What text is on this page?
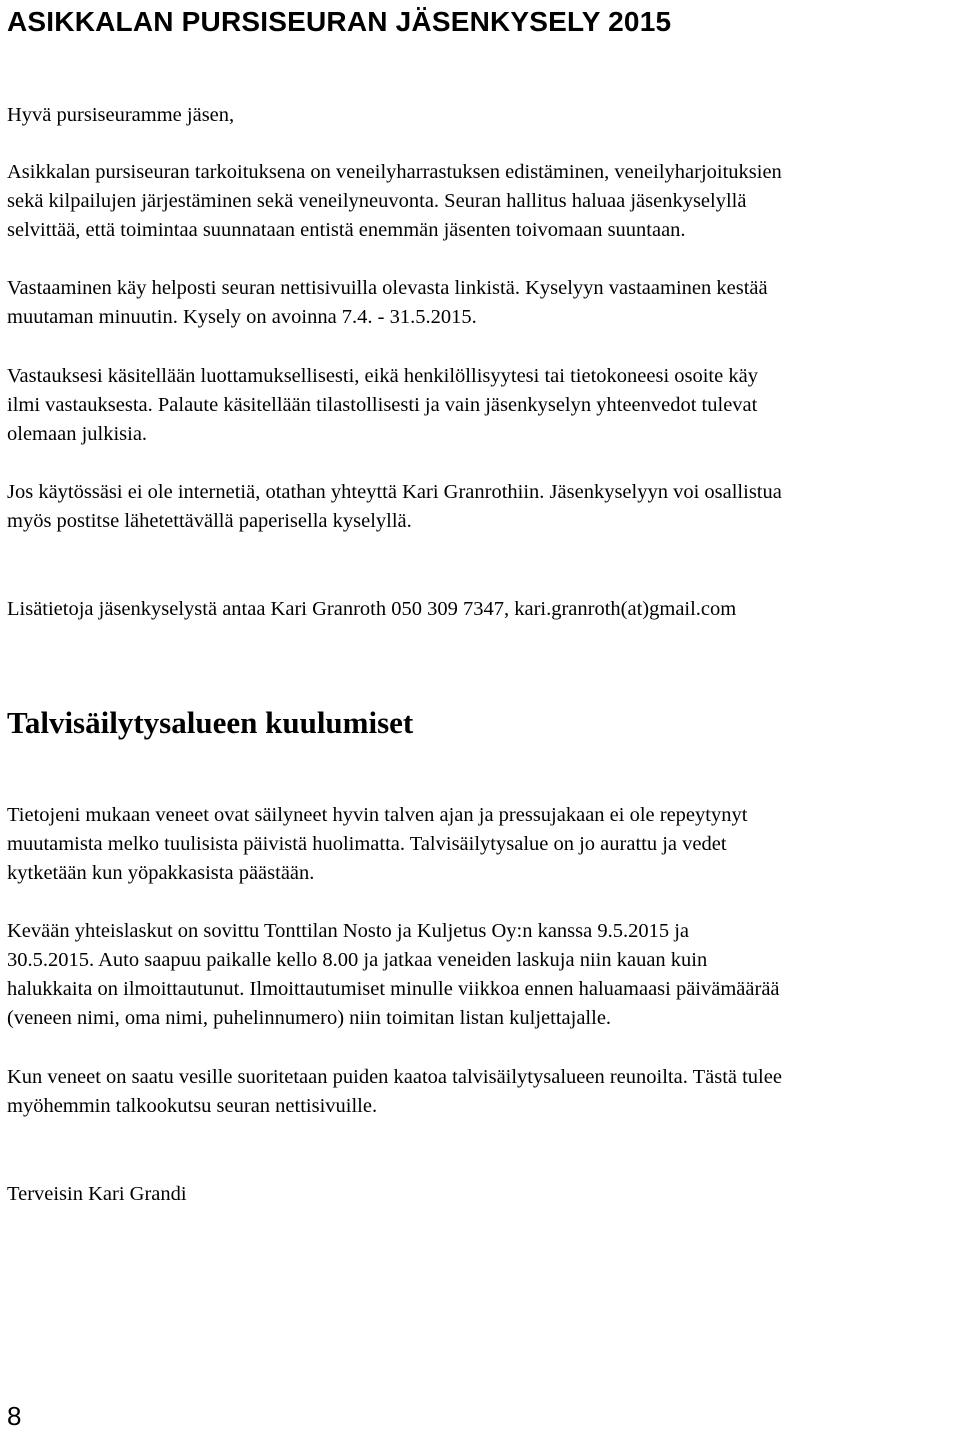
ASIKKALAN PURSISEURAN JÄSENKYSELY 2015

Hyvä pursiseuramme jäsen,

Asikkalan pursiseuran tarkoituksena on veneilyharrastuksen edistäminen, veneilyharjoituksien
sekä kilpailujen järjestäminen sekä veneilyneuvonta. Seuran hallitus haluaa jäsenkyselyllä
selvittää, että toimintaa suunnataan entistä enemmän jäsenten toivomaan suuntaan.

Vastaaminen käy helposti seuran nettisivuilla olevasta linkistä. Kyselyyn vastaaminen kestää
muutaman minuutin. Kysely on avoinna 7.4. - 31.5.2015.

Vastauksesi käsitellään luottamuksellisesti, eikä henkilöllisyytesi tai tietokoneesi osoite käy
ilmi vastauksesta. Palaute käsitellään tilastollisesti ja vain jäsenkyselyn yhteenvedot tulevat
olemaan julkisia.

Jos käytössäsi ei ole internetiä, otathan yhteyttä Kari Granrothiin. Jäsenkyselyyn voi osallistua
myös postitse lähetettävällä paperisella kyselyllä.

Lisätietoja jäsenkyselystä antaa Kari Granroth 050 309 7347, kari.granroth(at)gmail.com

Talvisäilytysalueen kuulumiset

Tietojeni mukaan veneet ovat säilyneet hyvin talven ajan ja pressujakaan ei ole repeytynyt
muutamista melko tuulisista päivistä huolimatta. Talvisäilytysalue on jo aurattu ja vedet
kytketään kun yöpakkasista päästään.

Kevään yhteislaskut on sovittu Tonttilan Nosto ja Kuljetus Oy:n kanssa 9.5.2015 ja
30.5.2015. Auto saapuu paikalle kello 8.00 ja jatkaa veneiden laskuja niin kauan kuin
halukkaita on ilmoittautunut. Ilmoittautumiset minulle viikkoa ennen haluamaasi päivämäärää
(veneen nimi, oma nimi, puhelinnumero) niin toimitan listan kuljettajalle.

Kun veneet on saatu vesille suoritetaan puiden kaatoa talvisäilytysalueen reunoilta. Tästä tulee
myöhemmin talkookutsu seuran nettisivuille.

Terveisin Kari Grandi

8
